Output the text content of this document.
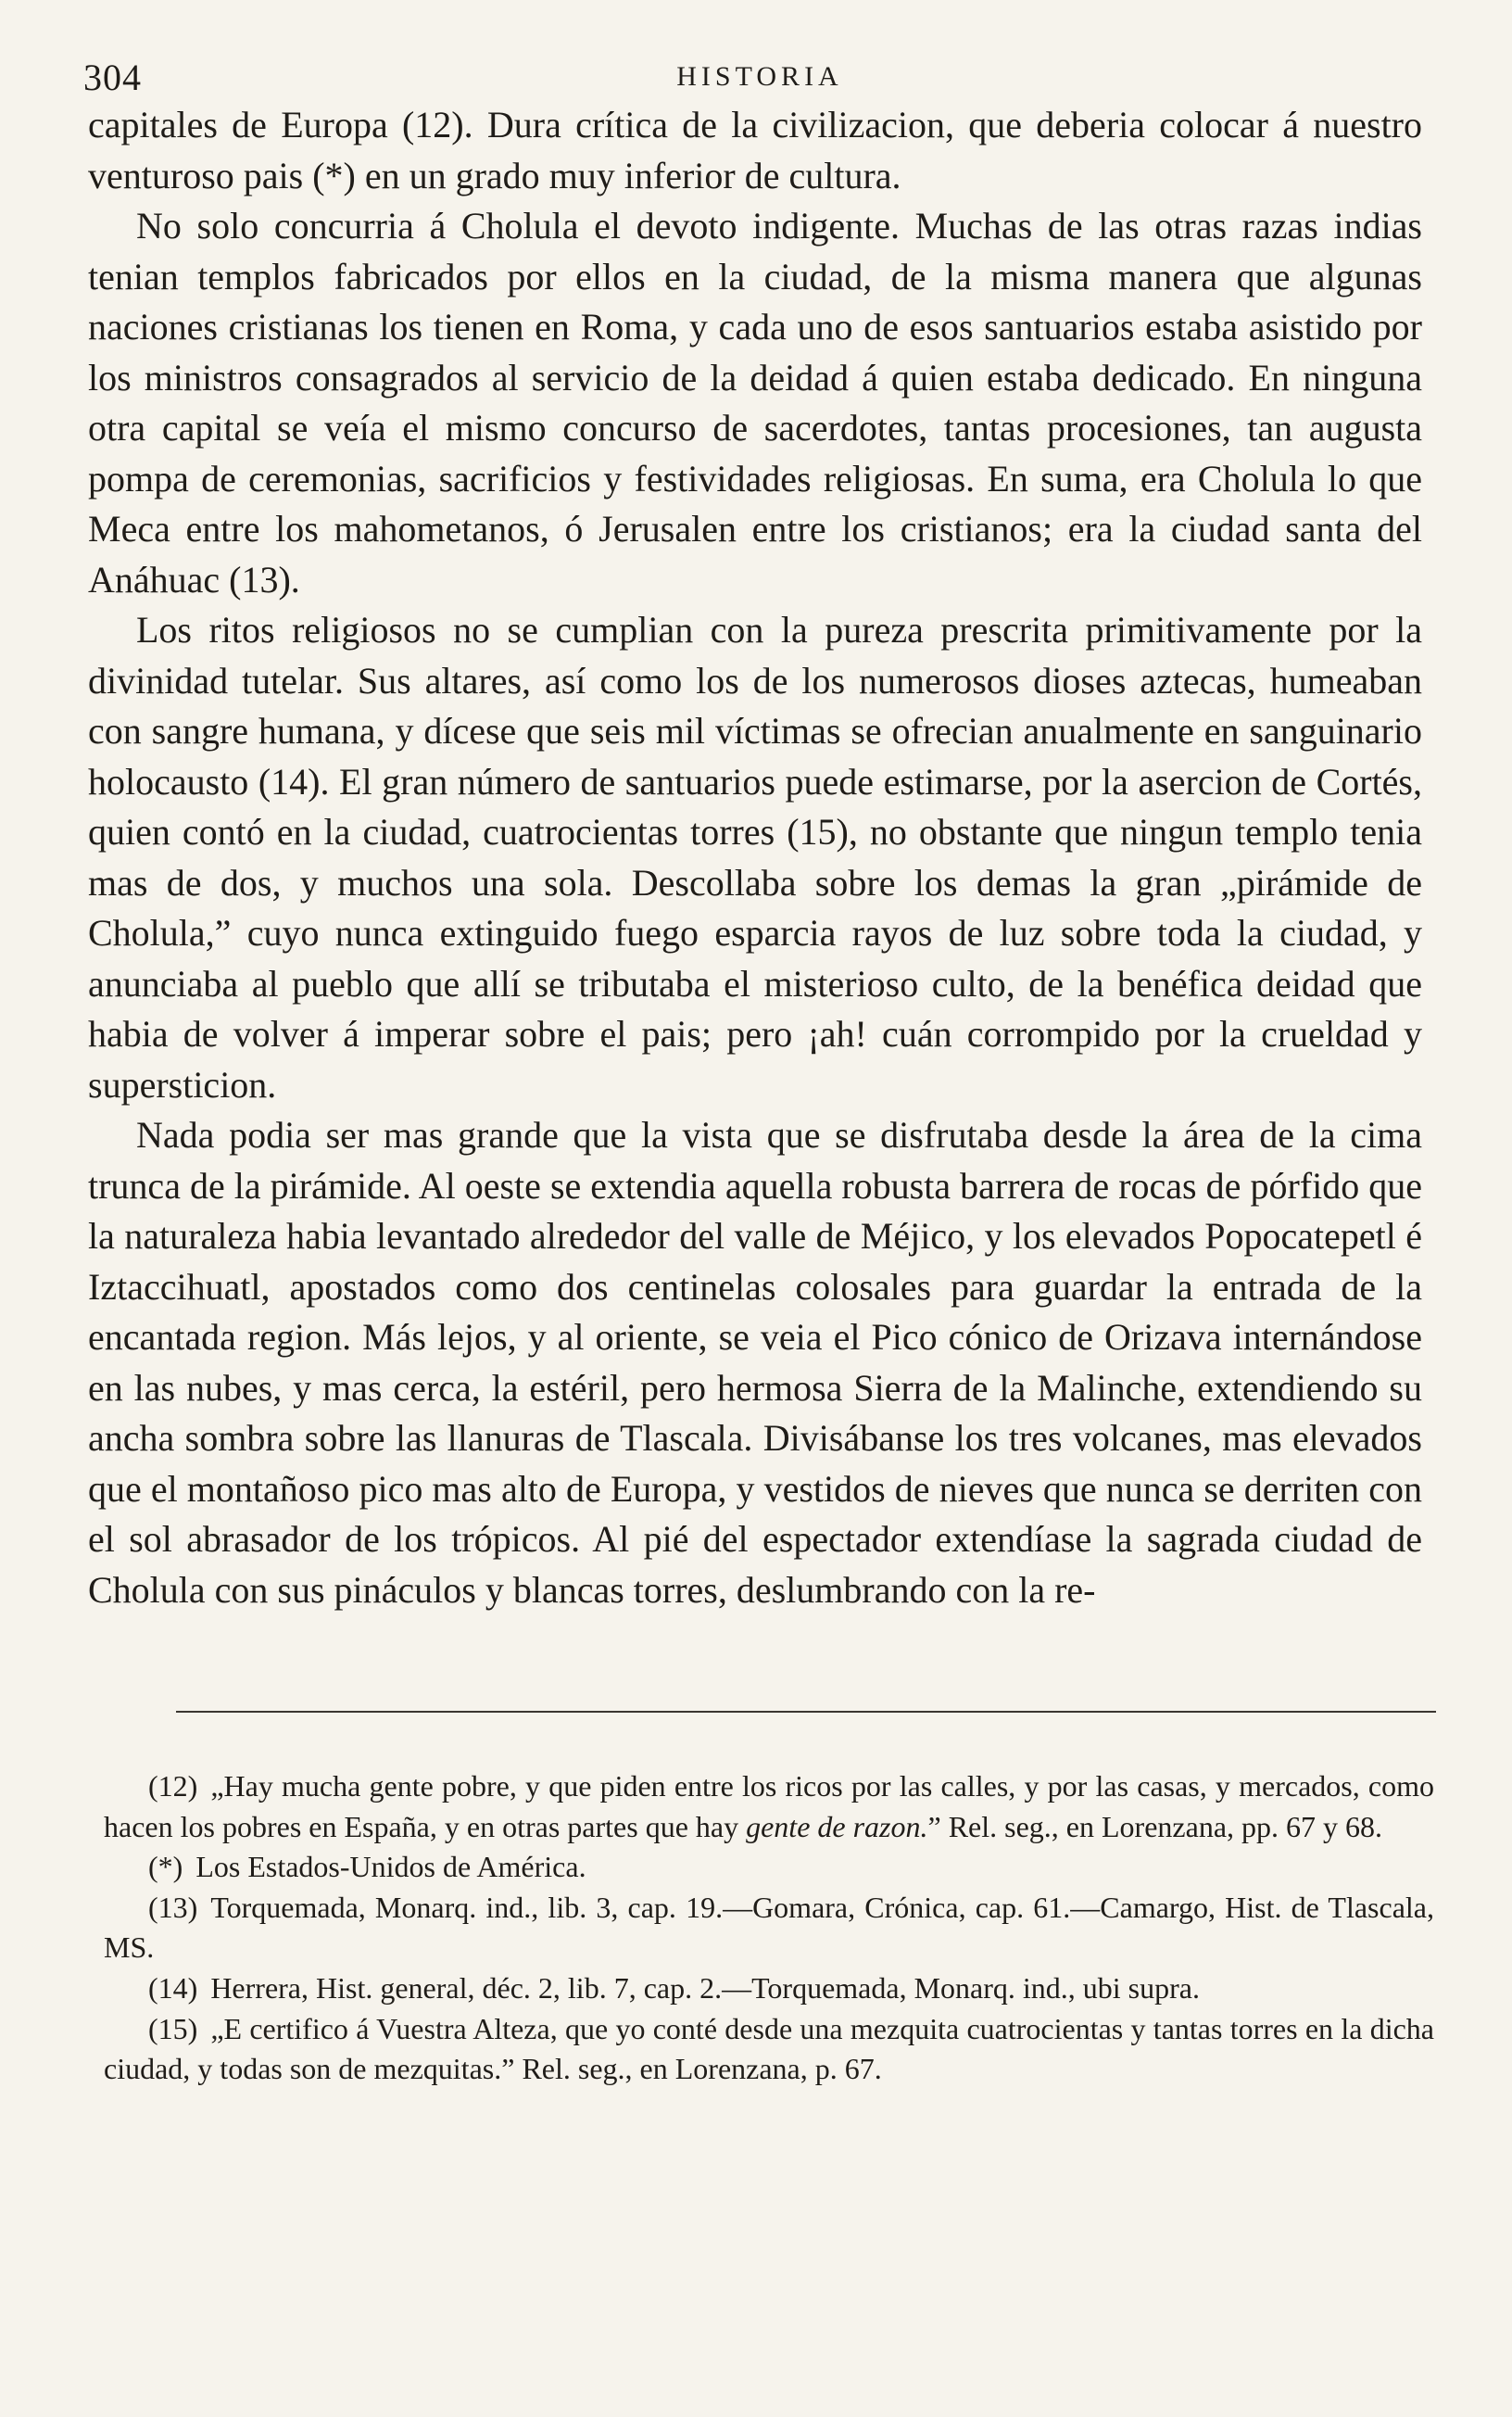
304	HISTORIA

capitales de Europa (12). Dura crítica de la civilizacion, que deberia colocar á nuestro venturoso pais (*) en un grado muy inferior de cultura.

No solo concurria á Cholula el devoto indigente. Muchas de las otras razas indias tenian templos fabricados por ellos en la ciudad, de la misma manera que algunas naciones cristianas los tienen en Roma, y cada uno de esos santuarios estaba asistido por los ministros consagrados al servicio de la deidad á quien estaba dedicado. En ninguna otra capital se veía el mismo concurso de sacerdotes, tantas procesiones, tan augusta pompa de ceremonias, sacrificios y festividades religiosas. En suma, era Cholula lo que Meca entre los mahometanos, ó Jerusalen entre los cristianos; era la ciudad santa del Anáhuac (13).

Los ritos religiosos no se cumplian con la pureza prescrita primitivamente por la divinidad tutelar. Sus altares, así como los de los numerosos dioses aztecas, humeaban con sangre humana, y dícese que seis mil víctimas se ofrecian anualmente en sanguinario holocausto (14). El gran número de santuarios puede estimarse, por la asercion de Cortés, quien contó en la ciudad, cuatrocientas torres (15), no obstante que ningun templo tenia mas de dos, y muchos una sola. Descollaba sobre los demas la gran „pirámide de Cholula,” cuyo nunca extinguido fuego esparcia rayos de luz sobre toda la ciudad, y anunciaba al pueblo que allí se tributaba el misterioso culto, de la benéfica deidad que habia de volver á imperar sobre el pais; pero ¡ah! cuán corrompido por la crueldad y supersticion.

Nada podia ser mas grande que la vista que se disfrutaba desde la área de la cima trunca de la pirámide. Al oeste se extendia aquella robusta barrera de rocas de pórfido que la naturaleza habia levantado alrededor del valle de Méjico, y los elevados Popocatepetl é Iztaccihuatl, apostados como dos centinelas colosales para guardar la entrada de la encantada region. Más lejos, y al oriente, se veia el Pico cónico de Orizava internándose en las nubes, y mas cerca, la estéril, pero hermosa Sierra de la Malinche, extendiendo su ancha sombra sobre las llanuras de Tlascala. Divisábanse los tres volcanes, mas elevados que el montañoso pico mas alto de Europa, y vestidos de nieves que nunca se derriten con el sol abrasador de los trópicos. Al pié del espectador extendíase la sagrada ciudad de Cholula con sus pináculos y blancas torres, deslumbrando con la re-

(12) „Hay mucha gente pobre, y que piden entre los ricos por las calles, y por las casas, y mercados, como hacen los pobres en España, y en otras partes que hay gente de razon.” Rel. seg., en Lorenzana, pp. 67 y 68.

(*) Los Estados-Unidos de América.

(13) Torquemada, Monarq. ind., lib. 3, cap. 19.—Gomara, Crónica, cap. 61.—Camargo, Hist. de Tlascala, MS.

(14) Herrera, Hist. general, déc. 2, lib. 7, cap. 2.—Torquemada, Monarq. ind., ubi supra.

(15) „E certifico á Vuestra Alteza, que yo conté desde una mezquita cuatrocientas y tantas torres en la dicha ciudad, y todas son de mezquitas.” Rel. seg., en Lorenzana, p. 67.
